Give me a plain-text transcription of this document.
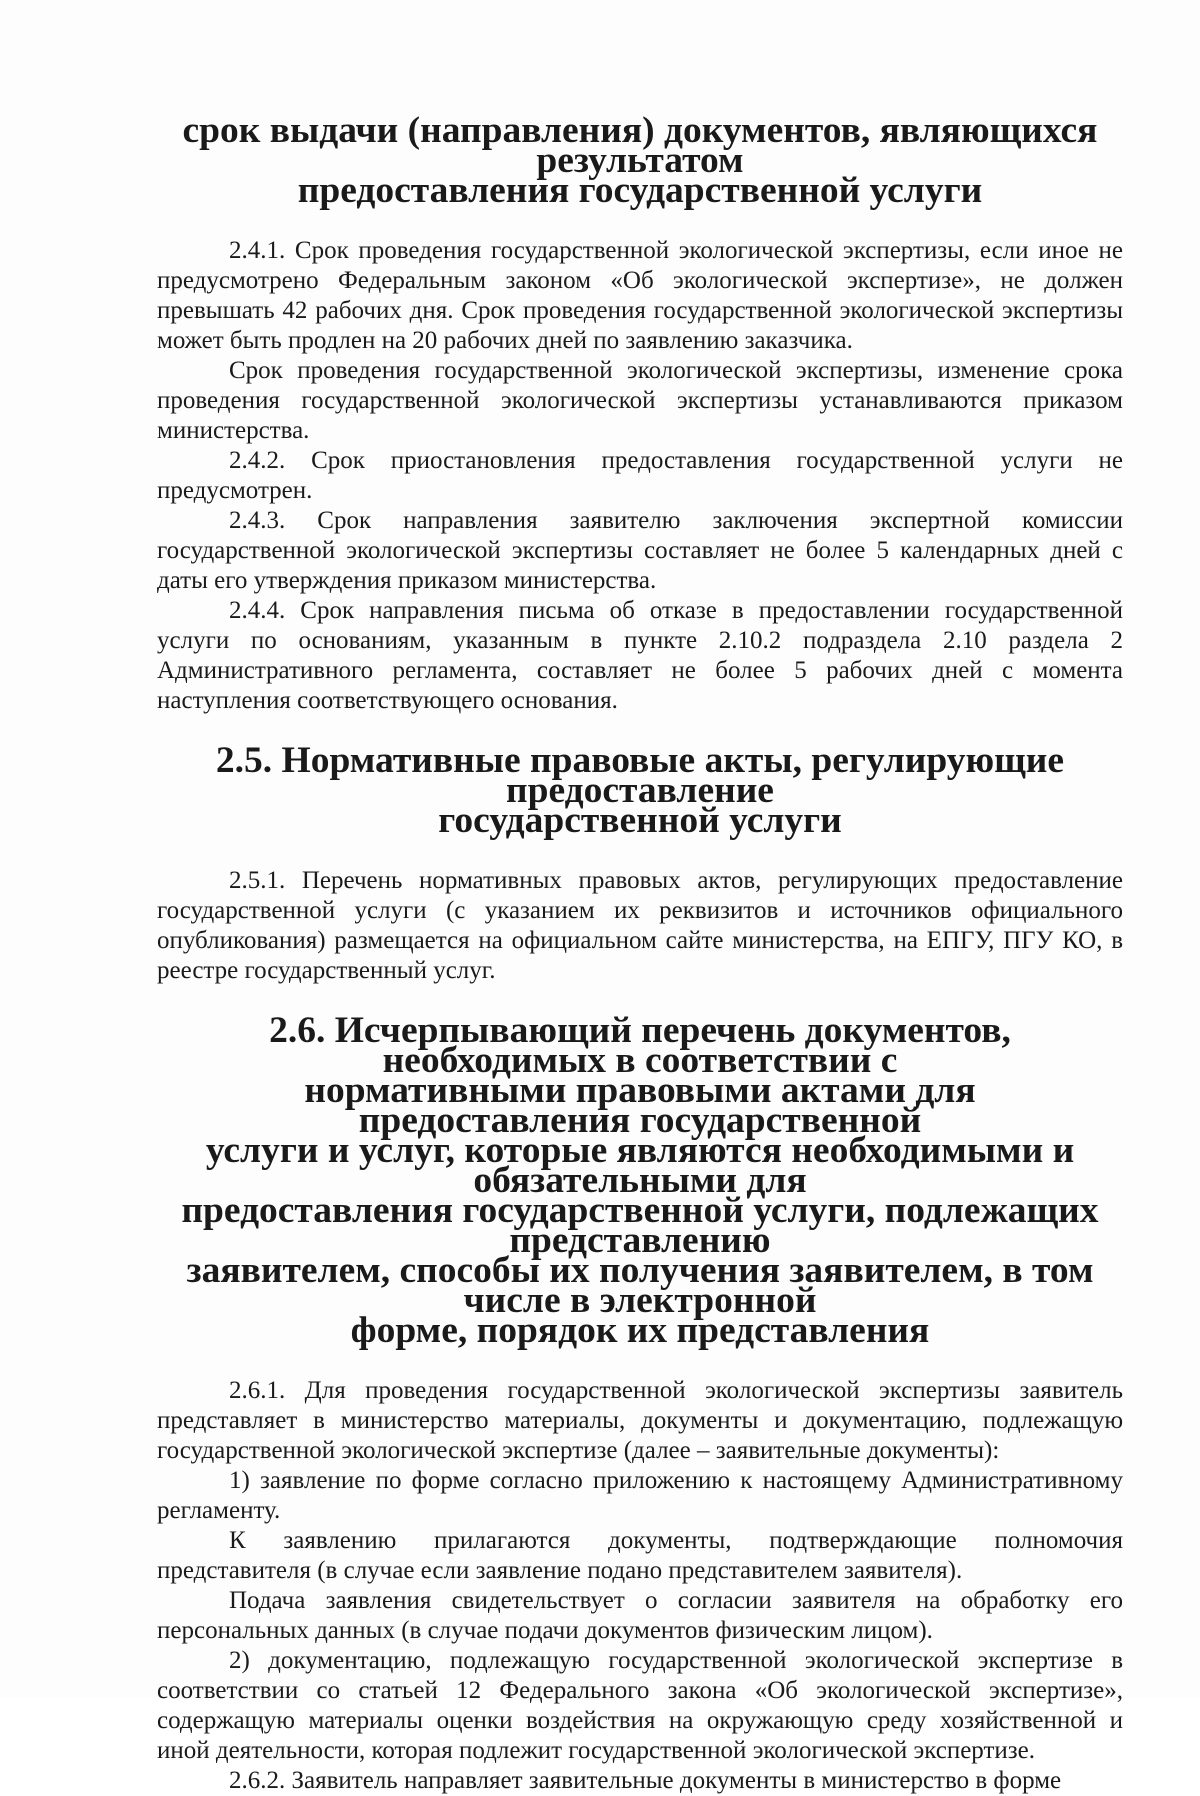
срок выдачи (направления) документов, являющихся результатом
предоставления государственной услуги

2.4.1. Срок проведения государственной экологической экспертизы, если иное не предусмотрено Федеральным законом «Об экологической экспертизе», не должен превышать 42 рабочих дня. Срок проведения государственной экологической экспертизы может быть продлен на 20 рабочих дней по заявлению заказчика.

Срок проведения государственной экологической экспертизы, изменение срока проведения государственной экологической экспертизы устанавливаются приказом министерства.

2.4.2. Срок приостановления предоставления государственной услуги не предусмотрен.

2.4.3. Срок направления заявителю заключения экспертной комиссии государственной экологической экспертизы составляет не более 5 календарных дней с даты его утверждения приказом министерства.

2.4.4. Срок направления письма об отказе в предоставлении государственной услуги по основаниям, указанным в пункте 2.10.2 подраздела 2.10 раздела 2 Административного регламента, составляет не более 5 рабочих дней с момента наступления соответствующего основания.

2.5. Нормативные правовые акты, регулирующие предоставление
государственной услуги

2.5.1. Перечень нормативных правовых актов, регулирующих предоставление государственной услуги (с указанием их реквизитов и источников официального опубликования) размещается на официальном сайте министерства, на ЕПГУ, ПГУ КО, в реестре государственный услуг.

2.6. Исчерпывающий перечень документов, необходимых в соответствии с
нормативными правовыми актами для предоставления государственной
услуги и услуг, которые являются необходимыми и обязательными для
предоставления государственной услуги, подлежащих представлению
заявителем, способы их получения заявителем, в том числе в электронной
форме, порядок их представления

2.6.1. Для проведения государственной экологической экспертизы заявитель представляет в министерство материалы, документы и документацию, подлежащую государственной экологической экспертизе (далее – заявительные документы):

1) заявление по форме согласно приложению к настоящему Административному регламенту.

К заявлению прилагаются документы, подтверждающие полномочия представителя (в случае если заявление подано представителем заявителя).

Подача заявления свидетельствует о согласии заявителя на обработку его персональных данных (в случае подачи документов физическим лицом).

2) документацию, подлежащую государственной экологической экспертизе в соответствии со статьей 12 Федерального закона «Об экологической экспертизе», содержащую материалы оценки воздействия на окружающую среду хозяйственной и иной деятельности, которая подлежит государственной экологической экспертизе.

2.6.2. Заявитель направляет заявительные документы в министерство в форме
